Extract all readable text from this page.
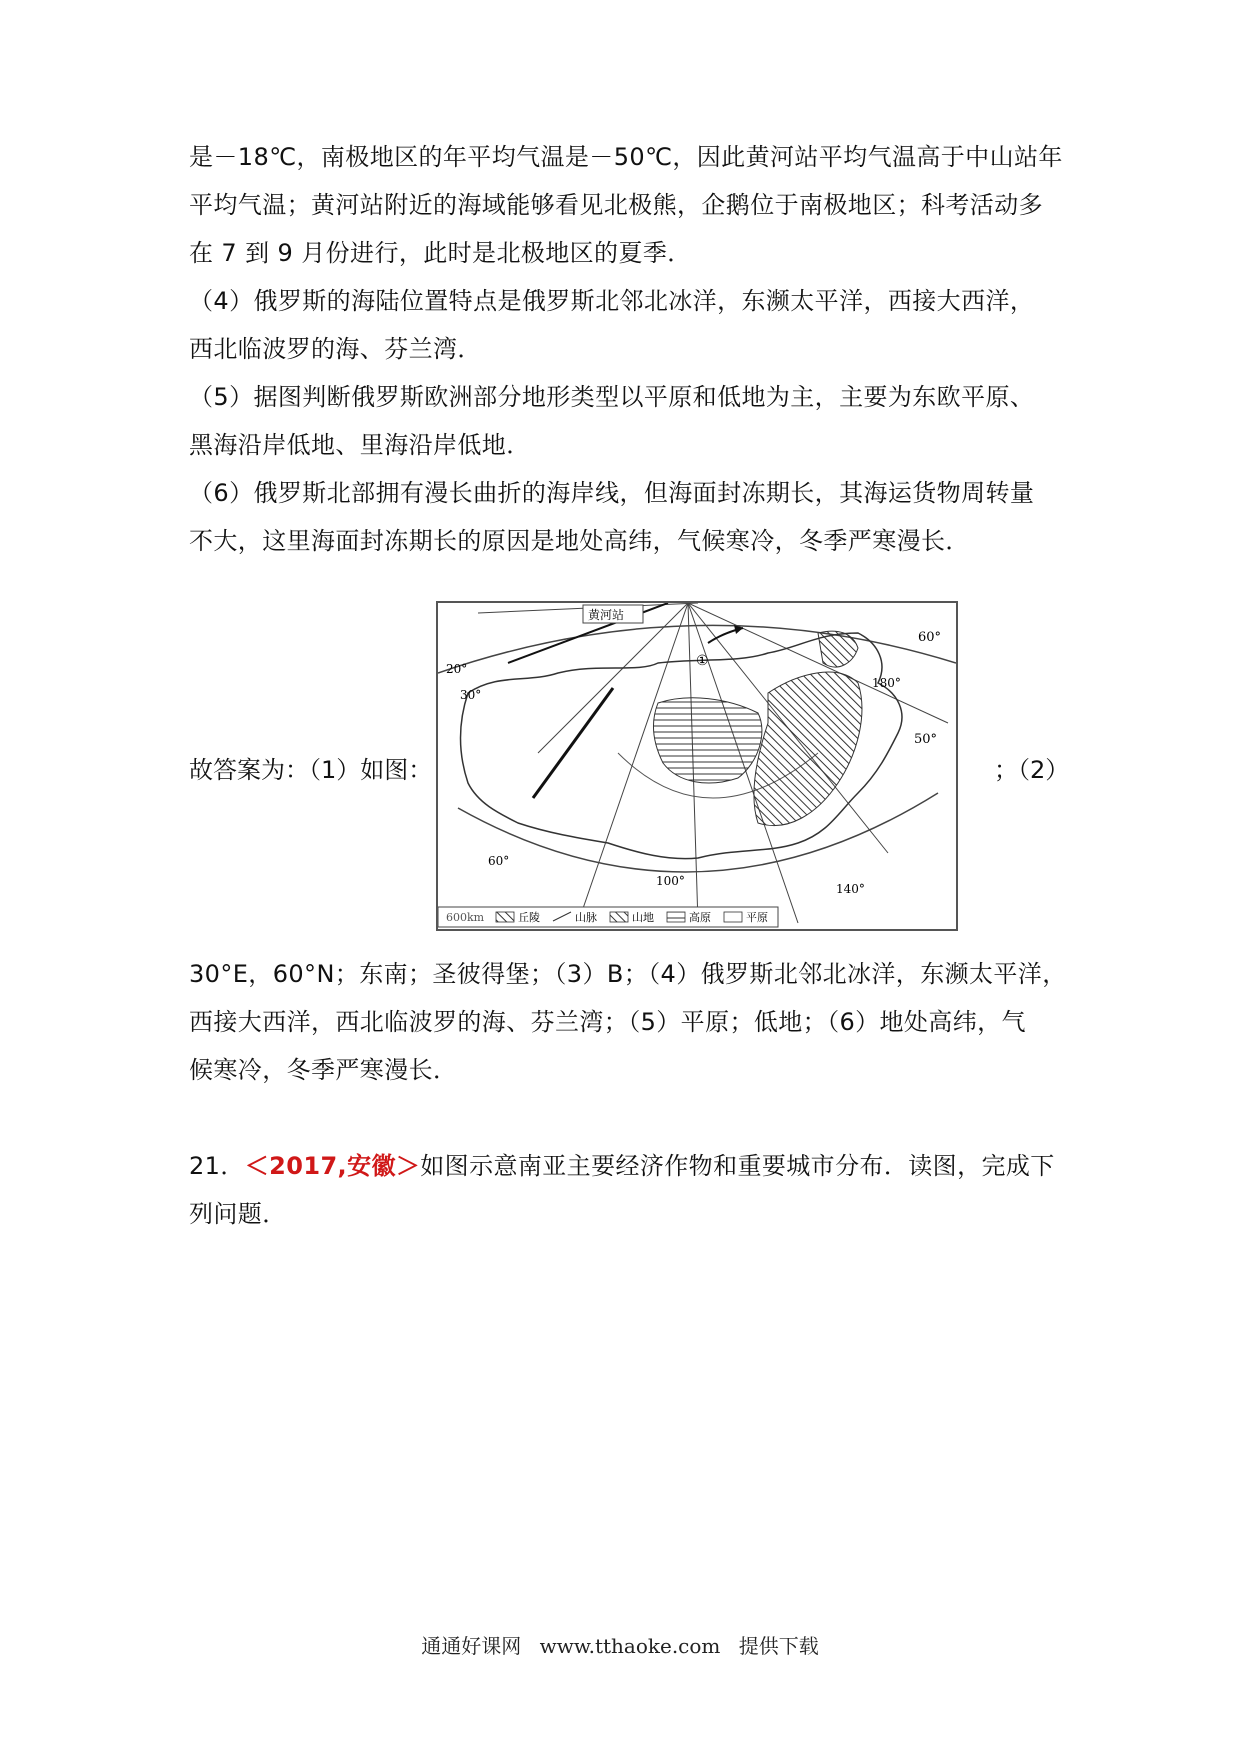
是－18℃，南极地区的年平均气温是－50℃，因此黄河站平均气温高于中山站年
平均气温；黄河站附近的海域能够看见北极熊，企鹅位于南极地区；科考活动多
在 7 到 9 月份进行，此时是北极地区的夏季．
（4）俄罗斯的海陆位置特点是俄罗斯北邻北冰洋，东濒太平洋，西接大西洋，
西北临波罗的海、芬兰湾．
（5）据图判断俄罗斯欧洲部分地形类型以平原和低地为主，主要为东欧平原、
黑海沿岸低地、里海沿岸低地．
（6）俄罗斯北部拥有漫长曲折的海岸线，但海面封冻期长，其海运货物周转量
不大，这里海面封冻期长的原因是地处高纬，气候寒冷，冬季严寒漫长．
故答案为：（1）如图：
黄河站
①
60°
50°
20°
30°
180°
60°
100°
140°
600km	丘陵	山脉	山地	高原	平原
；（2）
30°E，60°N；东南；圣彼得堡；（3）B；（4）俄罗斯北邻北冰洋，东濒太平洋，
西接大西洋，西北临波罗的海、芬兰湾；（5）平原；低地；（6）地处高纬，气
候寒冷，冬季严寒漫长．
21．＜2017,安徽＞如图示意南亚主要经济作物和重要城市分布．读图，完成下
列问题．
通通好课网 www.tthaoke.com 提供下载
